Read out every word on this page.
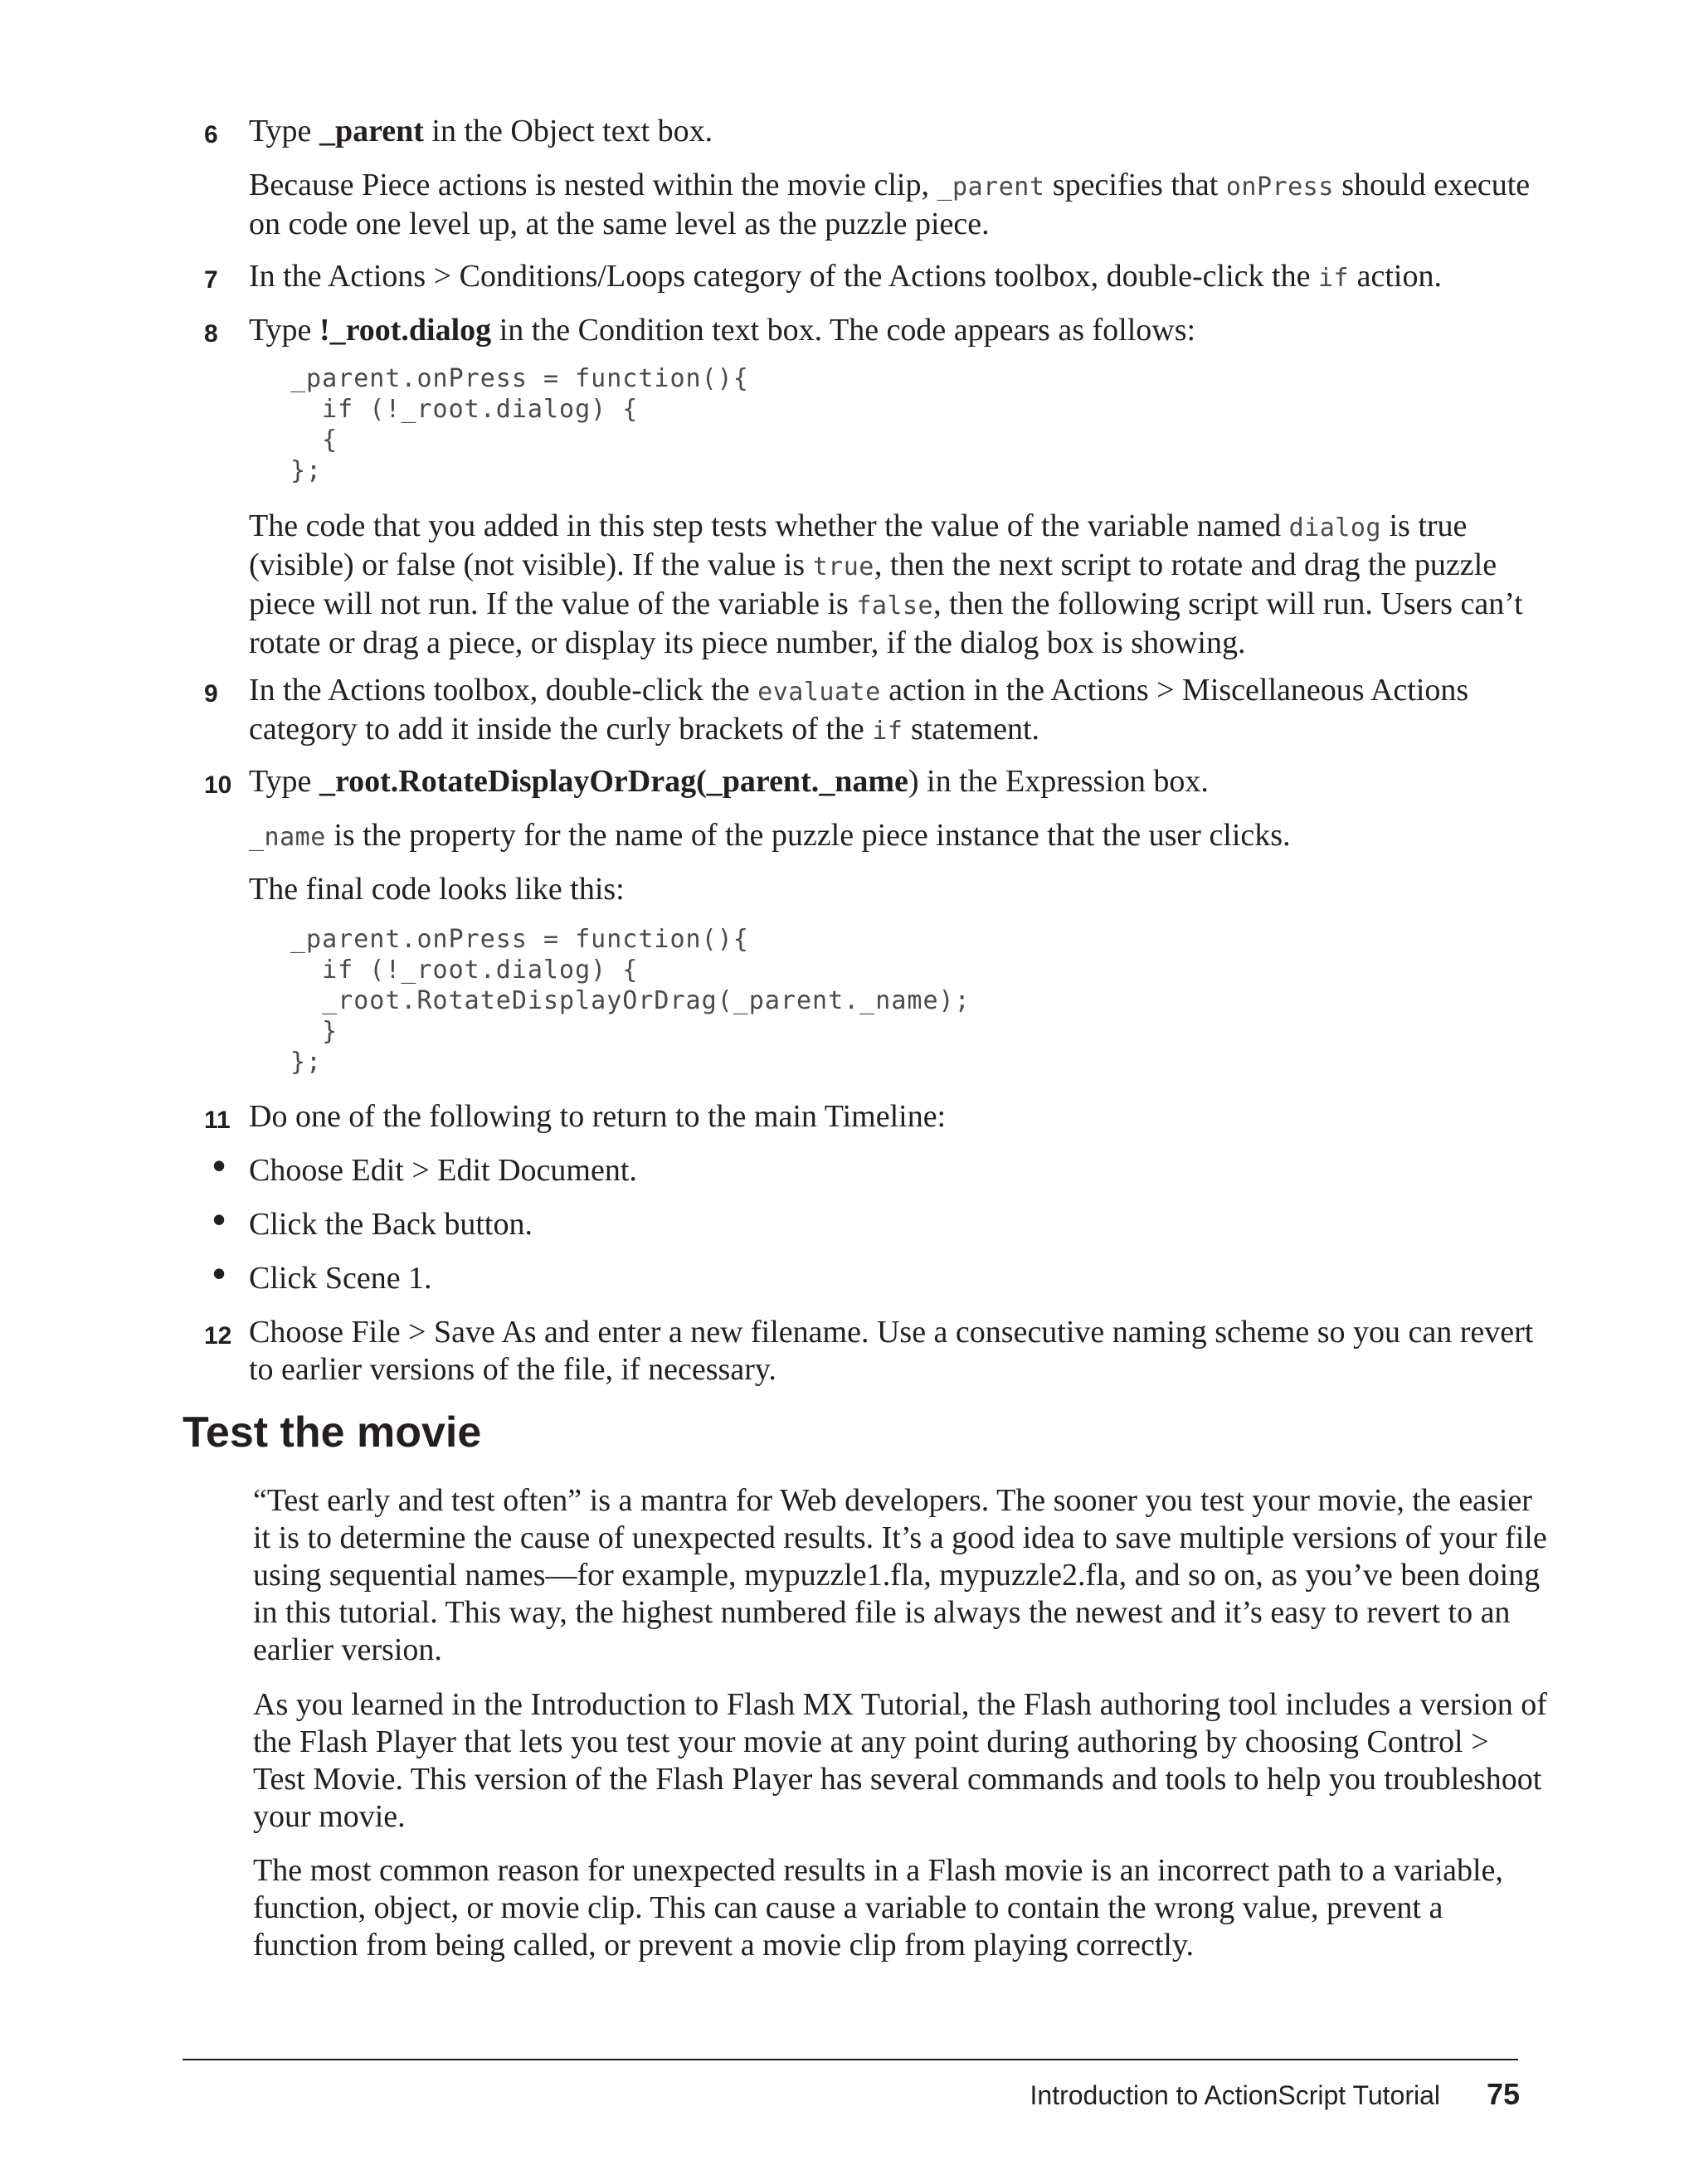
6 Type _parent in the Object text box.
Because Piece actions is nested within the movie clip, _parent specifies that onPress should execute on code one level up, at the same level as the puzzle piece.
7 In the Actions > Conditions/Loops category of the Actions toolbox, double-click the if action.
8 Type !_root.dialog in the Condition text box. The code appears as follows:
_parent.onPress = function(){
if (!_root.dialog) {
{
};
The code that you added in this step tests whether the value of the variable named dialog is true (visible) or false (not visible). If the value is true, then the next script to rotate and drag the puzzle piece will not run. If the value of the variable is false, then the following script will run. Users can’t rotate or drag a piece, or display its piece number, if the dialog box is showing.
9 In the Actions toolbox, double-click the evaluate action in the Actions > Miscellaneous Actions category to add it inside the curly brackets of the if statement.
10 Type _root.RotateDisplayOrDrag(_parent._name) in the Expression box.
_name is the property for the name of the puzzle piece instance that the user clicks.
The final code looks like this:
_parent.onPress = function(){
if (!_root.dialog) {
_root.RotateDisplayOrDrag(_parent._name);
}
};
11 Do one of the following to return to the main Timeline:
• Choose Edit > Edit Document.
• Click the Back button.
• Click Scene 1.
12 Choose File > Save As and enter a new filename. Use a consecutive naming scheme so you can revert to earlier versions of the file, if necessary.
Test the movie
“Test early and test often” is a mantra for Web developers. The sooner you test your movie, the easier it is to determine the cause of unexpected results. It’s a good idea to save multiple versions of your file using sequential names—for example, mypuzzle1.fla, mypuzzle2.fla, and so on, as you’ve been doing in this tutorial. This way, the highest numbered file is always the newest and it’s easy to revert to an earlier version.
As you learned in the Introduction to Flash MX Tutorial, the Flash authoring tool includes a version of the Flash Player that lets you test your movie at any point during authoring by choosing Control > Test Movie. This version of the Flash Player has several commands and tools to help you troubleshoot your movie.
The most common reason for unexpected results in a Flash movie is an incorrect path to a variable, function, object, or movie clip. This can cause a variable to contain the wrong value, prevent a function from being called, or prevent a movie clip from playing correctly.
Introduction to ActionScript Tutorial 75
